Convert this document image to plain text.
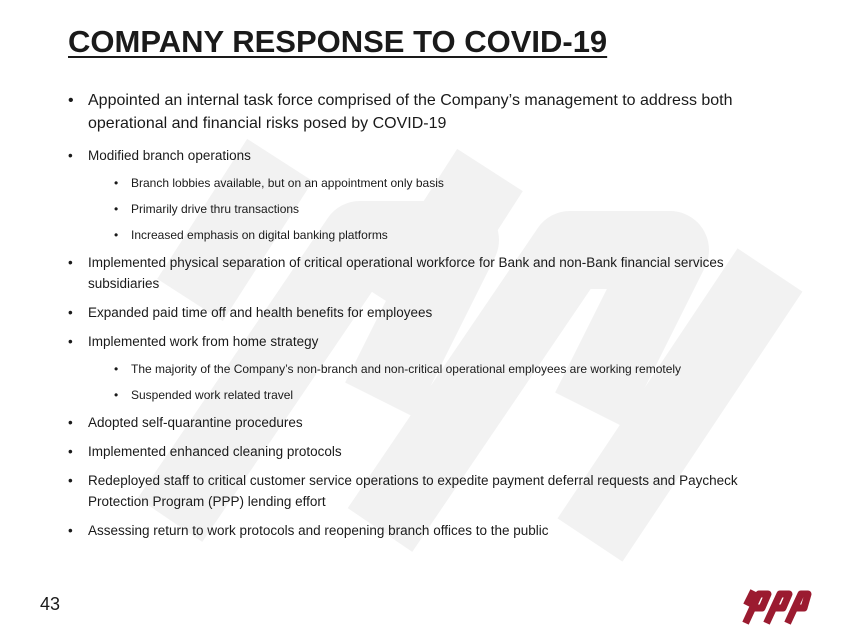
COMPANY RESPONSE TO COVID-19
• Appointed an internal task force comprised of the Company’s management to address both operational and financial risks posed by COVID-19
• Modified branch operations
• Branch lobbies available, but on an appointment only basis
• Primarily drive thru transactions
• Increased emphasis on digital banking platforms
• Implemented physical separation of critical operational workforce for Bank and non-Bank financial services subsidiaries
• Expanded paid time off and health benefits for employees
• Implemented work from home strategy
• The majority of the Company’s non-branch and non-critical operational employees are working remotely
• Suspended work related travel
• Adopted self-quarantine procedures
• Implemented enhanced cleaning protocols
• Redeployed staff to critical customer service operations to expedite payment deferral requests and Paycheck Protection Program (PPP) lending effort
• Assessing return to work protocols and reopening branch offices to the public
43
